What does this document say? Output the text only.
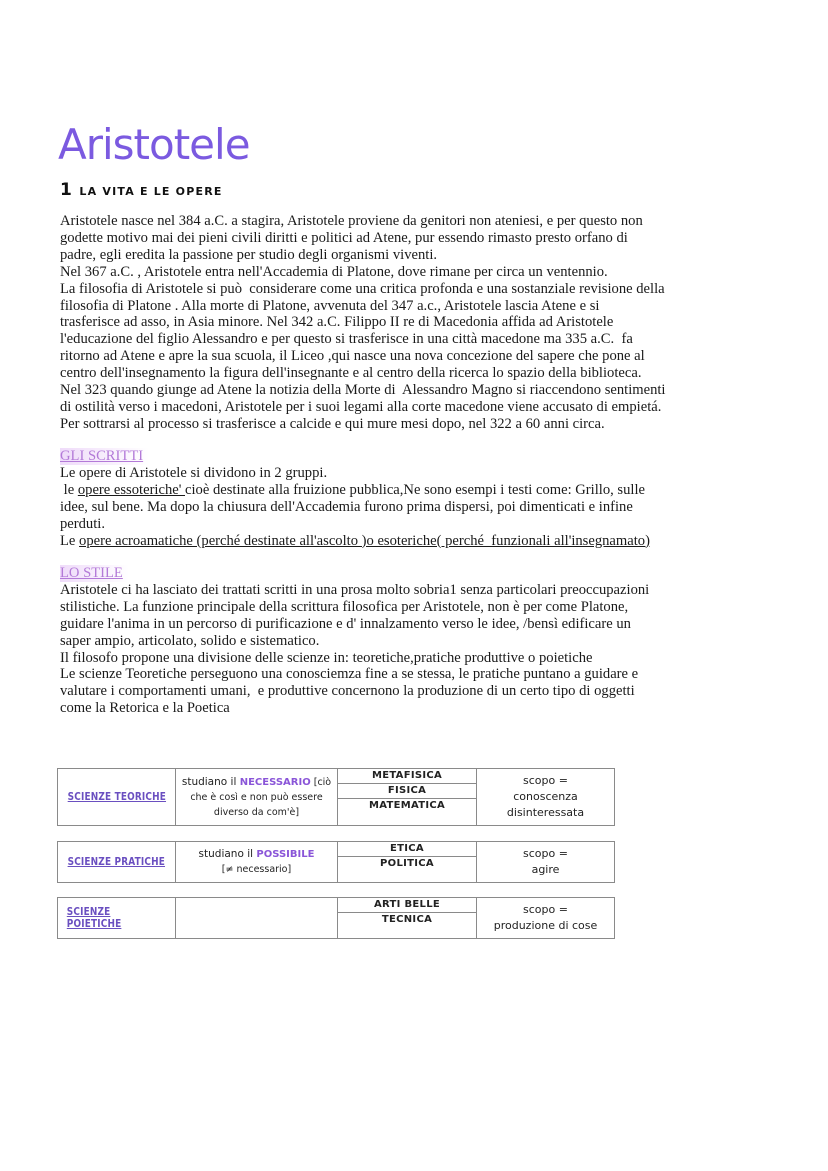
Aristotele
1 LA VITA E LE OPERE

Aristotele nasce nel 384 a.C. a stagira, Aristotele proviene da genitori non ateniesi, e per questo non

godette motivo mai dei pieni civili diritti e politici ad Atene, pur essendo rimasto presto orfano di

padre, egli eredita la passione per studio degli organismi viventi.

Nel 367 a.C. , Aristotele entra nell'Accademia di Platone, dove rimane per circa un ventennio.

La filosofia di Aristotele si può  considerare come una critica profonda e una sostanziale revisione della

filosofia di Platone . Alla morte di Platone, avvenuta del 347 a.c., Aristotele lascia Atene e si

trasferisce ad asso, in Asia minore. Nel 342 a.C. Filippo II re di Macedonia affida ad Aristotele

l'educazione del figlio Alessandro e per questo si trasferisce in una città macedone ma 335 a.C.  fa

ritorno ad Atene e apre la sua scuola, il Liceo ,qui nasce una nova concezione del sapere che pone al

centro dell'insegnamento la figura dell'insegnante e al centro della ricerca lo spazio della biblioteca.

Nel 323 quando giunge ad Atene la notizia della Morte di  Alessandro Magno si riaccendono sentimenti

di ostilità verso i macedoni, Aristotele per i suoi legami alla corte macedone viene accusato di empietá.

Per sottrarsi al processo si trasferisce a calcide e qui mure mesi dopo, nel 322 a 60 anni circa.

GLI SCRITTI

Le opere di Aristotele si dividono in 2 gruppi.

le opere essoteriche' cioè destinate alla fruizione pubblica,Ne sono esempi i testi come: Grillo, sulle

idee, sul bene. Ma dopo la chiusura dell'Accademia furono prima dispersi, poi dimenticati e infine

perduti.

Le opere acroamatiche (perché destinate all'ascolto )o esoteriche( perché  funzionali all'insegnamato)

LO STILE

Aristotele ci ha lasciato dei trattati scritti in una prosa molto sobria1 senza particolari preoccupazioni

stilistiche. La funzione principale della scrittura filosofica per Aristotele, non è per come Platone,

guidare l'anima in un percorso di purificazione e d' innalzamento verso le idee, /bensì edificare un

saper ampio, articolato, solido e sistematico.

Il filosofo propone una divisione delle scienze in: teoretiche,pratiche produttive o poietiche

Le scienze Teoretiche perseguono una conosciemza fine a se stessa, le pratiche puntano a guidare e

valutare i comportamenti umani,  e produttive concernono la produzione di un certo tipo di oggetti

come la Retorica e la Poetica

SCIENZE TEORICHE
studiano il NECESSARIO [ciò che è così e non può essere diverso da com'è]
METAFISICA
FISICA
MATEMATICA
scopo =
conoscenza disinteressata
SCIENZE PRATICHE
studiano il POSSIBILE
[≠ necessario]
ETICA
POLITICA
scopo =
agire
SCIENZE POIETICHE
ARTI BELLE
TECNICA
scopo =
produzione di cose
